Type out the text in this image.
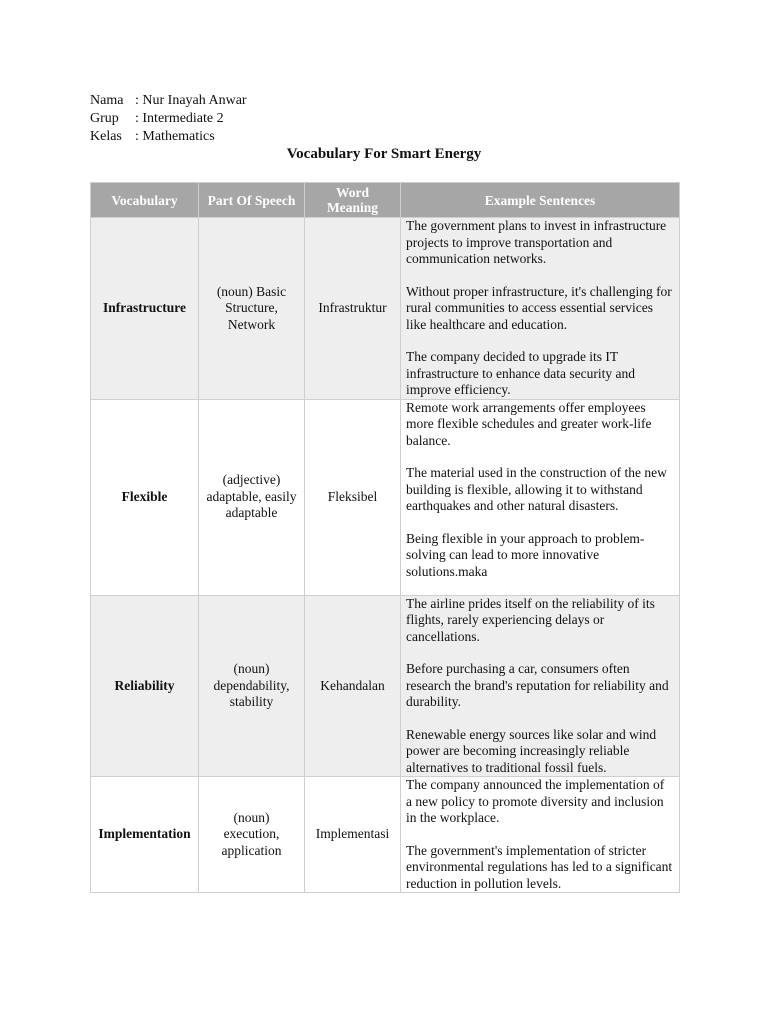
Nama : Nur Inayah Anwar
Grup	: Intermediate 2
Kelas : Mathematics
Vocabulary For Smart Energy
Vocabulary	Part Of Speech	Word Meaning	Example Sentences
Infrastructure	(noun) Basic Structure, Network	Infrastruktur	The government plans to invest in infrastructure projects to improve transportation and communication networks.

Without proper infrastructure, it's challenging for rural communities to access essential services like healthcare and education.

The company decided to upgrade its IT infrastructure to enhance data security and improve efficiency.

Flexible	(adjective) adaptable, easily adaptable	Fleksibel	Remote work arrangements offer employees more flexible schedules and greater work-life balance.

The material used in the construction of the new building is flexible, allowing it to withstand earthquakes and other natural disasters.

Being flexible in your approach to problem-solving can lead to more innovative solutions.maka

Reliability	(noun) dependability, stability	Kehandalan	The airline prides itself on the reliability of its flights, rarely experiencing delays or cancellations.

Before purchasing a car, consumers often research the brand's reputation for reliability and durability.

Renewable energy sources like solar and wind power are becoming increasingly reliable alternatives to traditional fossil fuels.

Implementation	(noun) execution, application	Implementasi	The company announced the implementation of a new policy to promote diversity and inclusion in the workplace.

The government's implementation of stricter environmental regulations has led to a significant reduction in pollution levels.
